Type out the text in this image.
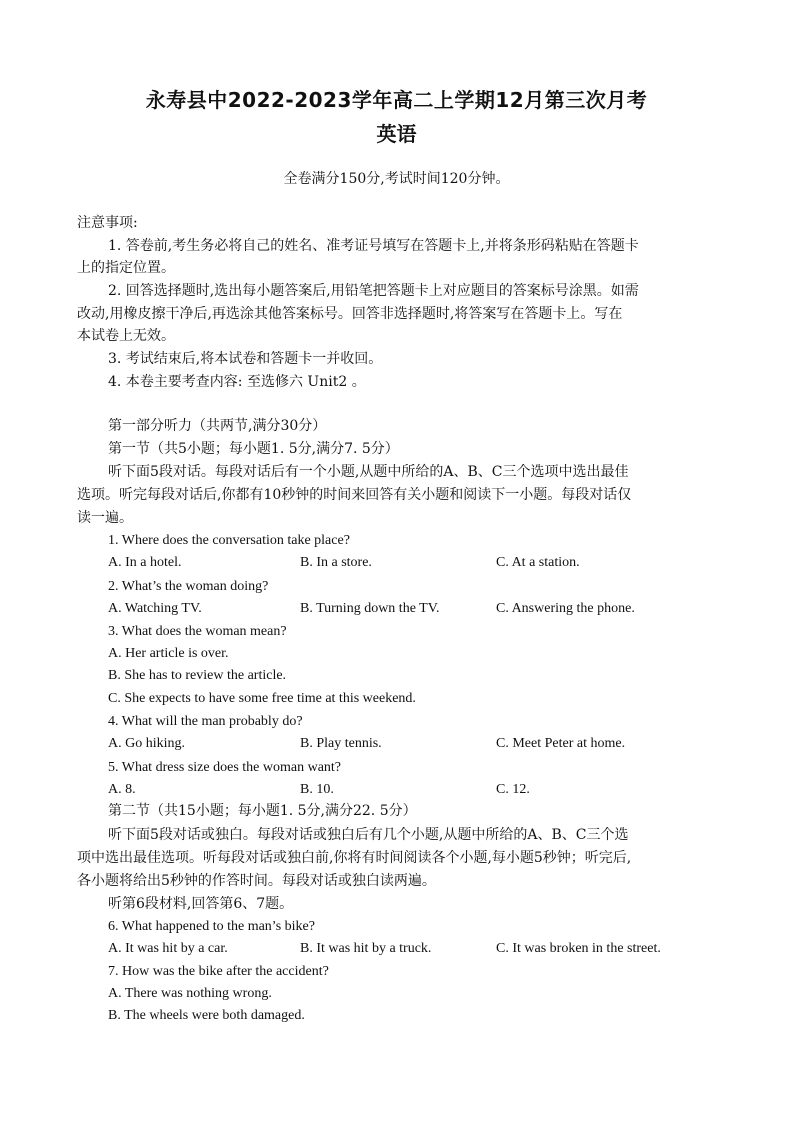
永寿县中2022-2023学年高二上学期12月第三次月考
英语
全卷满分150分,考试时间120分钟。
注意事项:
1. 答卷前,考生务必将自己的姓名、准考证号填写在答题卡上,并将条形码粘贴在答题卡
上的指定位置。
2. 回答选择题时,选出每小题答案后,用铅笔把答题卡上对应题目的答案标号涂黑。如需
改动,用橡皮擦干净后,再选涂其他答案标号。回答非选择题时,将答案写在答题卡上。写在
本试卷上无效。
3. 考试结束后,将本试卷和答题卡一并收回。
4. 本卷主要考查内容: 至选修六 Unit2 。
第一部分听力（共两节,满分30分）
第一节（共5小题；每小题1. 5分,满分7. 5分）
听下面5段对话。每段对话后有一个小题,从题中所给的A、B、C三个选项中选出最佳
选项。听完每段对话后,你都有10秒钟的时间来回答有关小题和阅读下一小题。每段对话仅
读一遍。
1. Where does the conversation take place?
A. In a hotel.	B. In a store.	C. At a station.
2. What’s the woman doing?
A. Watching TV.	B. Turning down the TV.	C. Answering the phone.
3. What does the woman mean?
A. Her article is over.
B. She has to review the article.
C. She expects to have some free time at this weekend.
4. What will the man probably do?
A. Go hiking.	B. Play tennis.	C. Meet Peter at home.
5. What dress size does the woman want?
A. 8.	B. 10.	C. 12.
第二节（共15小题；每小题1. 5分,满分22. 5分）
听下面5段对话或独白。每段对话或独白后有几个小题,从题中所给的A、B、C三个选
项中选出最佳选项。听每段对话或独白前,你将有时间阅读各个小题,每小题5秒钟；听完后,
各小题将给出5秒钟的作答时间。每段对话或独白读两遍。
听第6段材料,回答第6、7题。
6. What happened to the man’s bike?
A. It was hit by a car.	B. It was hit by a truck.	C. It was broken in the street.
7. How was the bike after the accident?
A. There was nothing wrong.
B. The wheels were both damaged.
